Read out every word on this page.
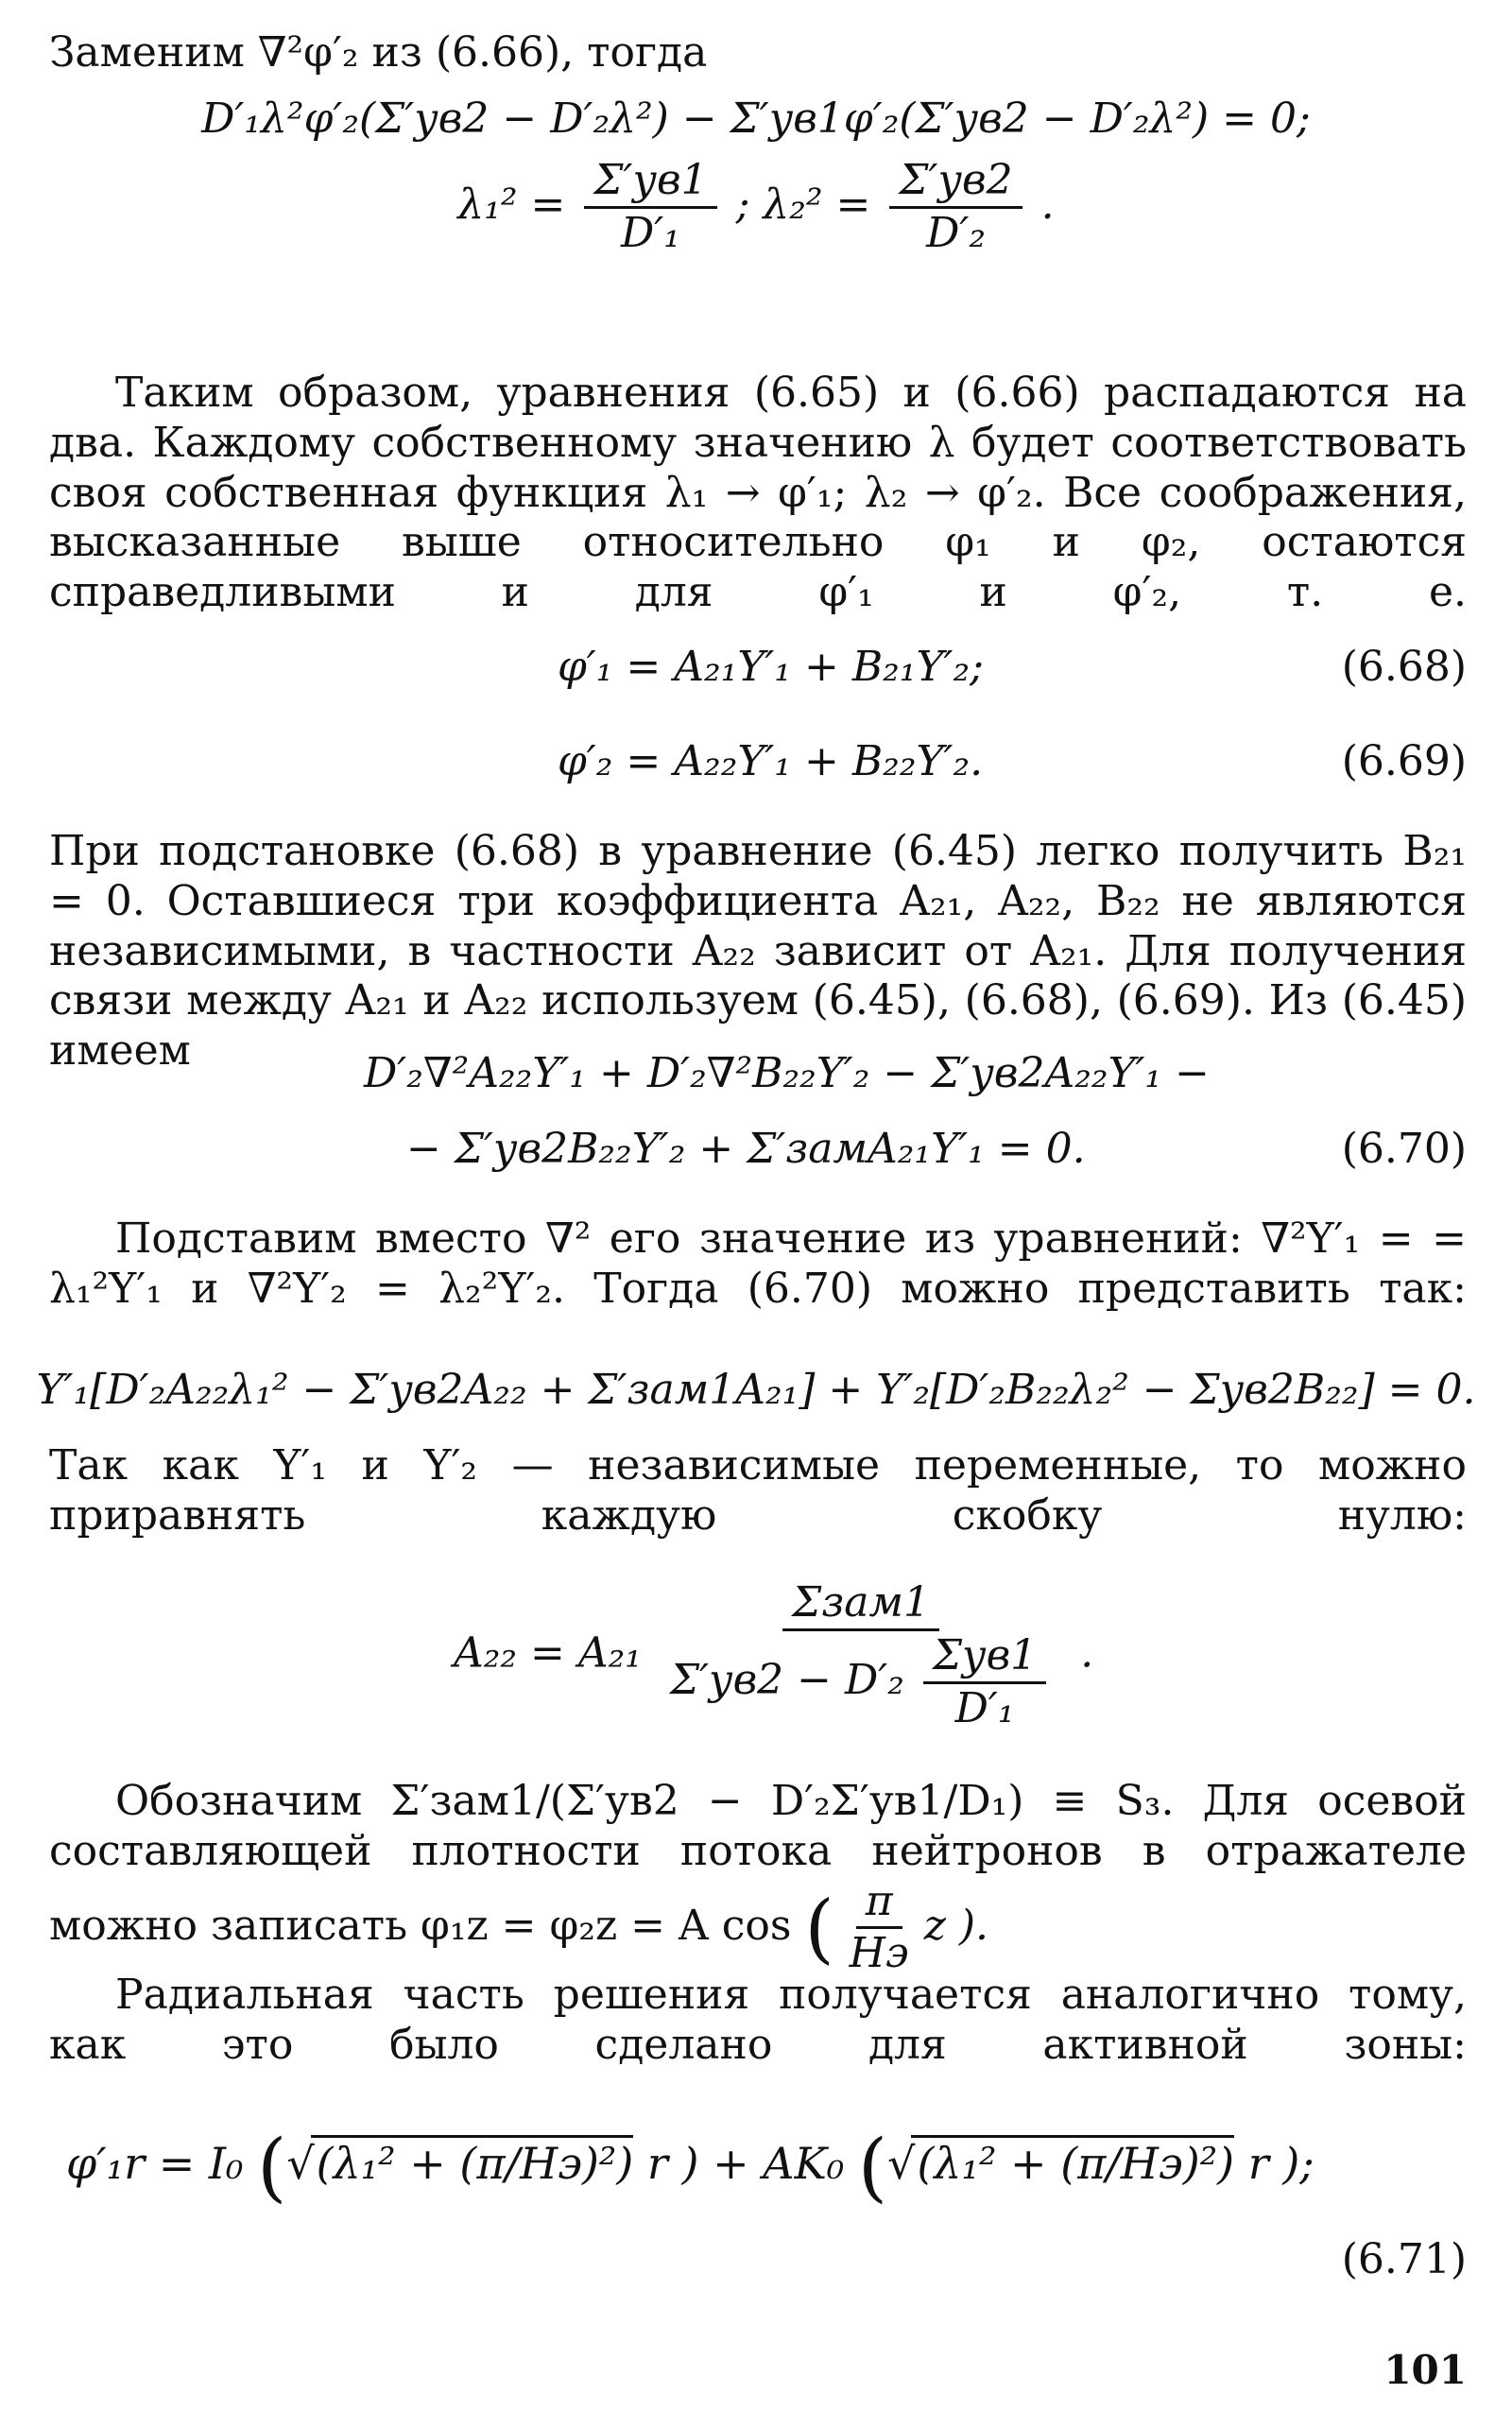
Заменим ∇²φ′₂ из (6.66), тогда
D′₁λ²φ′₂(Σ′ув2 − D′₂λ²) − Σ′ув1φ′₂(Σ′ув2 − D′₂λ²) = 0;
$\lambda_1^2 = \frac{\Sigma'ув1}{\text{D′₁}}$ ; $\lambda_2^2 = \frac{\Sigma'ув2}{\text{D′₂}}$ .
Таким образом, уравнения (6.65) и (6.66) распадаются на два. Каждому собственному значению λ будет соответствовать своя собственная функция λ₁ → φ′₁; λ₂ → φ′₂. Все соображения, высказанные выше относительно φ₁ и φ₂, остаются справедливыми и для φ′₁ и φ′₂, т. е.
φ′₁ = A₂₁Y′₁ + B₂₁Y′₂;	(6.68)
φ′₂ = A₂₂Y′₁ + B₂₂Y′₂.	(6.69)
При подстановке (6.68) в уравнение (6.45) легко получить B₂₁ = 0. Оставшиеся три коэффициента A₂₁, A₂₂, B₂₂ не являются независимыми, в частности A₂₂ зависит от A₂₁. Для получения связи между A₂₁ и A₂₂ используем (6.45), (6.68), (6.69). Из (6.45) имеем	D′₂∇²A₂₂Y′₁ + D′₂∇²B₂₂Y′₂ − Σ′ув2A₂₂Y′₁ −
− Σ′ув2B₂₂Y′₂ + Σ′замA₂₁Y′₁ = 0.	(6.70)
Подставим вместо ∇² его значение из уравнений: ∇²Y′₁ = = λ₁²Y′₁ и ∇²Y′₂ = λ₂²Y′₂. Тогда (6.70) можно представить так:
Y′₁[D′₂A₂₂λ₁² − Σ′ув2A₂₂ + Σ′зам1A₂₁] + Y′₂[D′₂B₂₂λ₂² − Σув2B₂₂] = 0.
Так как Y′₁ и Y′₂ — независимые переменные, то можно приравнять каждую скобку нулю:
$A_{22} = A_{21} \frac{\text{Σзам1}}{\Sigma'ув2 - D'_2 \frac{\text{Σув1}}{\text{D′₁}}}$ .
Обозначим Σ′зам1/(Σ′ув2 − D′₂Σ′ув1/D₁) ≡ S₃. Для осевой составляющей плотности потока нейтронов в отражателе можно записать φ₁z = φ₂z = A cos ( $\frac{\pi}{Hэ}$ z ).
Радиальная часть решения получается аналогично тому, как это было сделано для активной зоны:
φ′₁r = I₀ (√(λ₁² + (π/Hэ)²) r ) + AK₀ (√(λ₁² + (π/Hэ)²) r );
(6.71)
101
